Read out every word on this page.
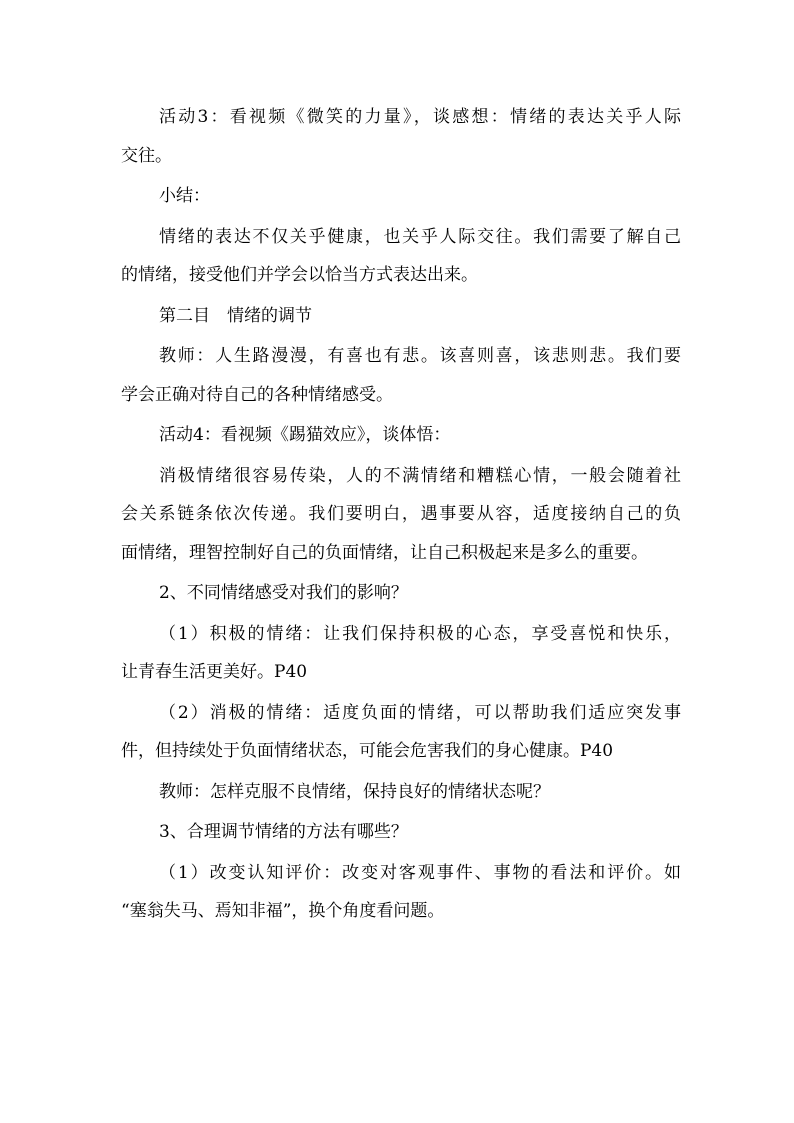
活动3：看视频《微笑的力量》，谈感想：情绪的表达关乎人际
交往。
小结：
情绪的表达不仅关乎健康，也关乎人际交往。我们需要了解自己
的情绪，接受他们并学会以恰当方式表达出来。
第二目　情绪的调节
教师：人生路漫漫，有喜也有悲。该喜则喜，该悲则悲。我们要
学会正确对待自己的各种情绪感受。
活动4：看视频《踢猫效应》，谈体悟：
消极情绪很容易传染，人的不满情绪和糟糕心情，一般会随着社
会关系链条依次传递。我们要明白，遇事要从容，适度接纳自己的负
面情绪，理智控制好自己的负面情绪，让自己积极起来是多么的重要。
2、不同情绪感受对我们的影响？
（1）积极的情绪：让我们保持积极的心态，享受喜悦和快乐，
让青春生活更美好。P40
（2）消极的情绪：适度负面的情绪，可以帮助我们适应突发事
件，但持续处于负面情绪状态，可能会危害我们的身心健康。P40
教师：怎样克服不良情绪，保持良好的情绪状态呢？
3、合理调节情绪的方法有哪些？
（1）改变认知评价：改变对客观事件、事物的看法和评价。如
“塞翁失马、焉知非福”，换个角度看问题。
